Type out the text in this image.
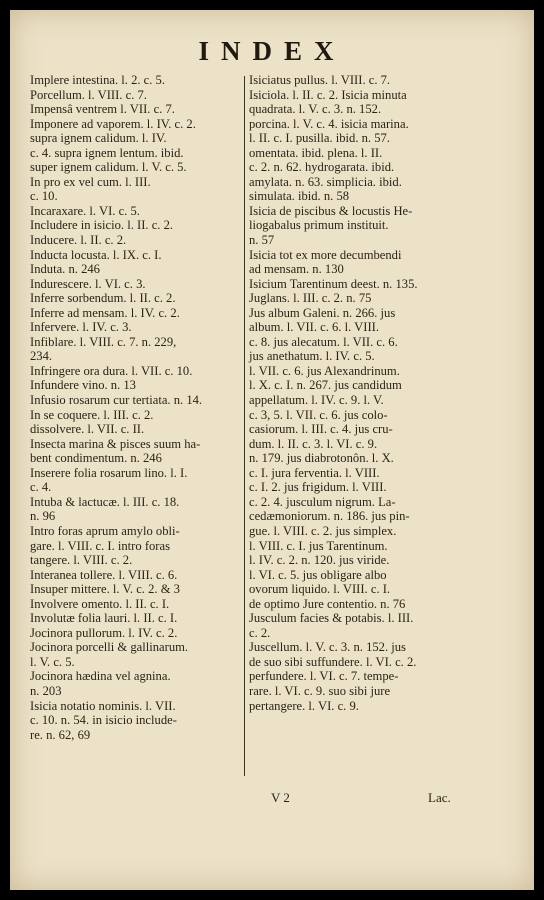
INDEX
Implere intestina. l. 2. c. 5.
Porcellum. l. VIII. c. 7.
Impensâ ventrem l. VII. c. 7.
Imponere ad vaporem. l. IV. c. 2.
supra ignem calidum. l. IV.
c. 4. supra ignem lentum. ibid.
super ignem calidum. l. V. c. 5.
In pro ex vel cum. l. III.
c. 10.
Incaraxare. l. VI. c. 5.
Includere in isicio. l. II. c. 2.
Inducere. l. II. c. 2.
Inducta locusta. l. IX. c. I.
Induta. n. 246
Indurescere. l. VI. c. 3.
Inferre sorbendum. l. II. c. 2.
Inferre ad mensam. l. IV. c. 2.
Infervere. l. IV. c. 3.
Infiblare. l. VIII. c. 7. n. 229,
234.
Infringere ora dura. l. VII. c. 10.
Infundere vino. n. 13
Infusio rosarum cur tertiata. n. 14.
In se coquere. l. III. c. 2.
dissolvere. l. VII. c. II.
Insecta marina & pisces suum ha-
bent condimentum. n. 246
Inserere folia rosarum lino. l. I.
c. 4.
Intuba & lactucæ. l. III. c. 18.
n. 96
Intro foras aprum amylo obli-
gare. l. VIII. c. I. intro foras
tangere. l. VIII. c. 2.
Interanea tollere. l. VIII. c. 6.
Insuper mittere. l. V. c. 2. & 3
Involvere omento. l. II. c. I.
Involutæ folia lauri. l. II. c. I.
Jocinora pullorum. l. IV. c. 2.
Jocinora porcelli & gallinarum.
l. V. c. 5.
Jocinora hædina vel agnina.
n. 203
Isicia notatio nominis. l. VII.
c. 10. n. 54. in isicio include-
re. n. 62, 69
Isiciatus pullus. l. VIII. c. 7.
Isiciola. l. II. c. 2. Isicia minuta
quadrata. l. V. c. 3. n. 152.
porcina. l. V. c. 4. isicia marina.
l. II. c. I. pusilla. ibid. n. 57.
omentata. ibid. plena. l. II.
c. 2. n. 62. hydrogarata. ibid.
amylata. n. 63. simplicia. ibid.
simulata. ibid. n. 58
Isicia de piscibus & locustis He-
liogabalus primum instituit.
n. 57
Isicia tot ex more decumbendi
ad mensam. n. 130
Isicium Tarentinum deest. n. 135.
Juglans. l. III. c. 2. n. 75
Jus album Galeni. n. 266. jus
album. l. VII. c. 6. l. VIII.
c. 8. jus alecatum. l. VII. c. 6.
jus anethatum. l. IV. c. 5.
l. VII. c. 6. jus Alexandrinum.
l. X. c. I. n. 267. jus candidum
appellatum. l. IV. c. 9. l. V.
c. 3, 5. l. VII. c. 6. jus colo-
casiorum. l. III. c. 4. jus cru-
dum. l. II. c. 3. l. VI. c. 9.
n. 179. jus diabrotonôn. l. X.
c. I. jura ferventia. l. VIII.
c. I. 2. jus frigidum. l. VIII.
c. 2. 4. jusculum nigrum. La-
cedæmoniorum. n. 186. jus pin-
gue. l. VIII. c. 2. jus simplex.
l. VIII. c. I. jus Tarentinum.
l. IV. c. 2. n. 120. jus viride.
l. VI. c. 5. jus obligare albo
ovorum liquido. l. VIII. c. I.
de optimo Jure contentio. n. 76
Jusculum facies & potabis. l. III.
c. 2.
Juscellum. l. V. c. 3. n. 152. jus
de suo sibi suffundere. l. VI. c. 2.
perfundere. l. VI. c. 7. tempe-
rare. l. VI. c. 9. suo sibi jure
pertangere. l. VI. c. 9.
V 2	Lac.
